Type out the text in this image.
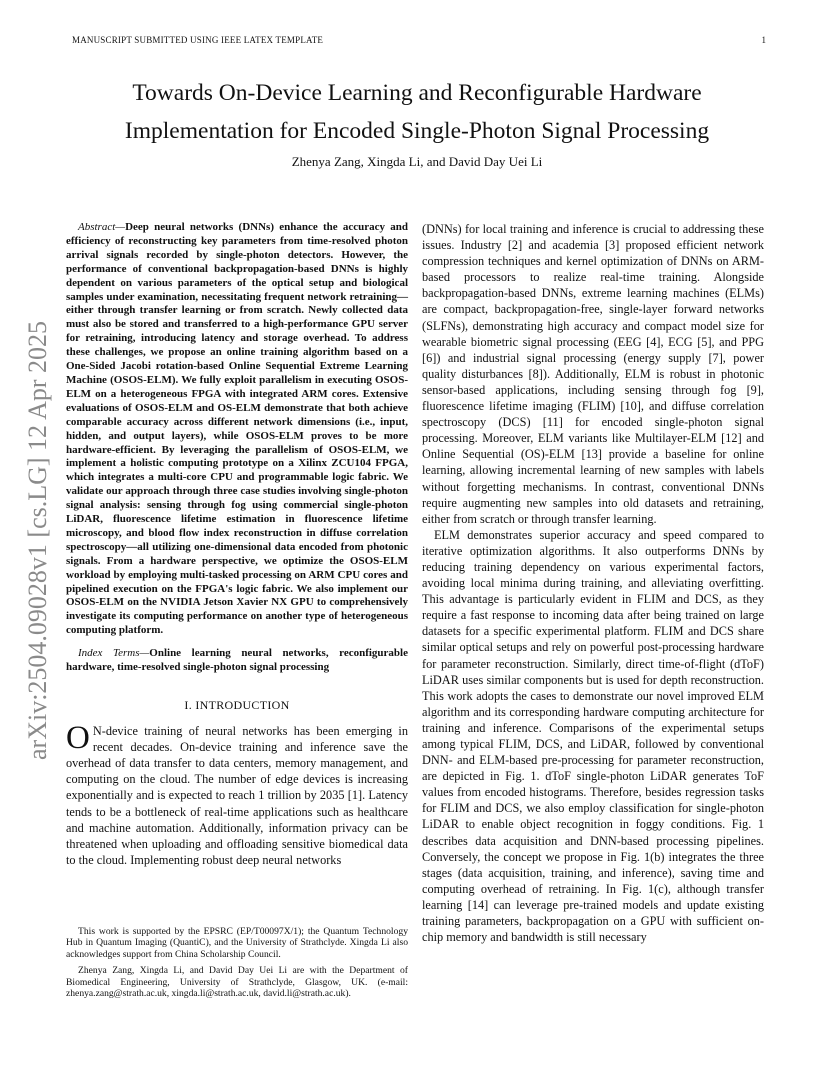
MANUSCRIPT SUBMITTED USING IEEE LATEX TEMPLATE	1
arXiv:2504.09028v1 [cs.LG] 12 Apr 2025
Towards On-Device Learning and Reconfigurable Hardware Implementation for Encoded Single-Photon Signal Processing
Zhenya Zang, Xingda Li, and David Day Uei Li

Abstract—Deep neural networks (DNNs) enhance the accuracy and efficiency of reconstructing key parameters from time-resolved photon arrival signals recorded by single-photon detectors. However, the performance of conventional backpropagation-based DNNs is highly dependent on various parameters of the optical setup and biological samples under examination, necessitating frequent network retraining—either through transfer learning or from scratch. Newly collected data must also be stored and transferred to a high-performance GPU server for retraining, introducing latency and storage overhead. To address these challenges, we propose an online training algorithm based on a One-Sided Jacobi rotation-based Online Sequential Extreme Learning Machine (OSOS-ELM). We fully exploit parallelism in executing OSOS-ELM on a heterogeneous FPGA with integrated ARM cores. Extensive evaluations of OSOS-ELM and OS-ELM demonstrate that both achieve comparable accuracy across different network dimensions (i.e., input, hidden, and output layers), while OSOS-ELM proves to be more hardware-efficient. By leveraging the parallelism of OSOS-ELM, we implement a holistic computing prototype on a Xilinx ZCU104 FPGA, which integrates a multi-core CPU and programmable logic fabric. We validate our approach through three case studies involving single-photon signal analysis: sensing through fog using commercial single-photon LiDAR, fluorescence lifetime estimation in fluorescence lifetime microscopy, and blood flow index reconstruction in diffuse correlation spectroscopy—all utilizing one-dimensional data encoded from photonic signals. From a hardware perspective, we optimize the OSOS-ELM workload by employing multi-tasked processing on ARM CPU cores and pipelined execution on the FPGA's logic fabric. We also implement our OSOS-ELM on the NVIDIA Jetson Xavier NX GPU to comprehensively investigate its computing performance on another type of heterogeneous computing platform.

Index Terms—Online learning neural networks, reconfigurable hardware, time-resolved single-photon signal processing

I. INTRODUCTION

O N-device training of neural networks has been emerging in recent decades. On-device training and inference save the overhead of data transfer to data centers, memory management, and computing on the cloud. The number of edge devices is increasing exponentially and is expected to reach 1 trillion by 2035 [1]. Latency tends to be a bottleneck of real-time applications such as healthcare and machine automation. Additionally, information privacy can be threatened when uploading and offloading sensitive biomedical data to the cloud. Implementing robust deep neural networks

This work is supported by the EPSRC (EP/T00097X/1); the Quantum Technology Hub in Quantum Imaging (QuantiC), and the University of Strathclyde. Xingda Li also acknowledges support from China Scholarship Council.

Zhenya Zang, Xingda Li, and David Day Uei Li are with the Department of Biomedical Engineering, University of Strathclyde, Glasgow, UK. (e-mail: zhenya.zang@strath.ac.uk, xingda.li@strath.ac.uk, david.li@strath.ac.uk).

(DNNs) for local training and inference is crucial to addressing these issues. Industry [2] and academia [3] proposed efficient network compression techniques and kernel optimization of DNNs on ARM-based processors to realize real-time training. Alongside backpropagation-based DNNs, extreme learning machines (ELMs) are compact, backpropagation-free, single-layer forward networks (SLFNs), demonstrating high accuracy and compact model size for wearable biometric signal processing (EEG [4], ECG [5], and PPG [6]) and industrial signal processing (energy supply [7], power quality disturbances [8]). Additionally, ELM is robust in photonic sensor-based applications, including sensing through fog [9], fluorescence lifetime imaging (FLIM) [10], and diffuse correlation spectroscopy (DCS) [11] for encoded single-photon signal processing. Moreover, ELM variants like Multilayer-ELM [12] and Online Sequential (OS)-ELM [13] provide a baseline for online learning, allowing incremental learning of new samples with labels without forgetting mechanisms. In contrast, conventional DNNs require augmenting new samples into old datasets and retraining, either from scratch or through transfer learning.

ELM demonstrates superior accuracy and speed compared to iterative optimization algorithms. It also outperforms DNNs by reducing training dependency on various experimental factors, avoiding local minima during training, and alleviating overfitting. This advantage is particularly evident in FLIM and DCS, as they require a fast response to incoming data after being trained on large datasets for a specific experimental platform. FLIM and DCS share similar optical setups and rely on powerful post-processing hardware for parameter reconstruction. Similarly, direct time-of-flight (dToF) LiDAR uses similar components but is used for depth reconstruction. This work adopts the cases to demonstrate our novel improved ELM algorithm and its corresponding hardware computing architecture for training and inference. Comparisons of the experimental setups among typical FLIM, DCS, and LiDAR, followed by conventional DNN- and ELM-based pre-processing for parameter reconstruction, are depicted in Fig. 1. dToF single-photon LiDAR generates ToF values from encoded histograms. Therefore, besides regression tasks for FLIM and DCS, we also employ classification for single-photon LiDAR to enable object recognition in foggy conditions. Fig. 1 describes data acquisition and DNN-based processing pipelines. Conversely, the concept we propose in Fig. 1(b) integrates the three stages (data acquisition, training, and inference), saving time and computing overhead of retraining. In Fig. 1(c), although transfer learning [14] can leverage pre-trained models and update existing training parameters, backpropagation on a GPU with sufficient on-chip memory and bandwidth is still necessary
